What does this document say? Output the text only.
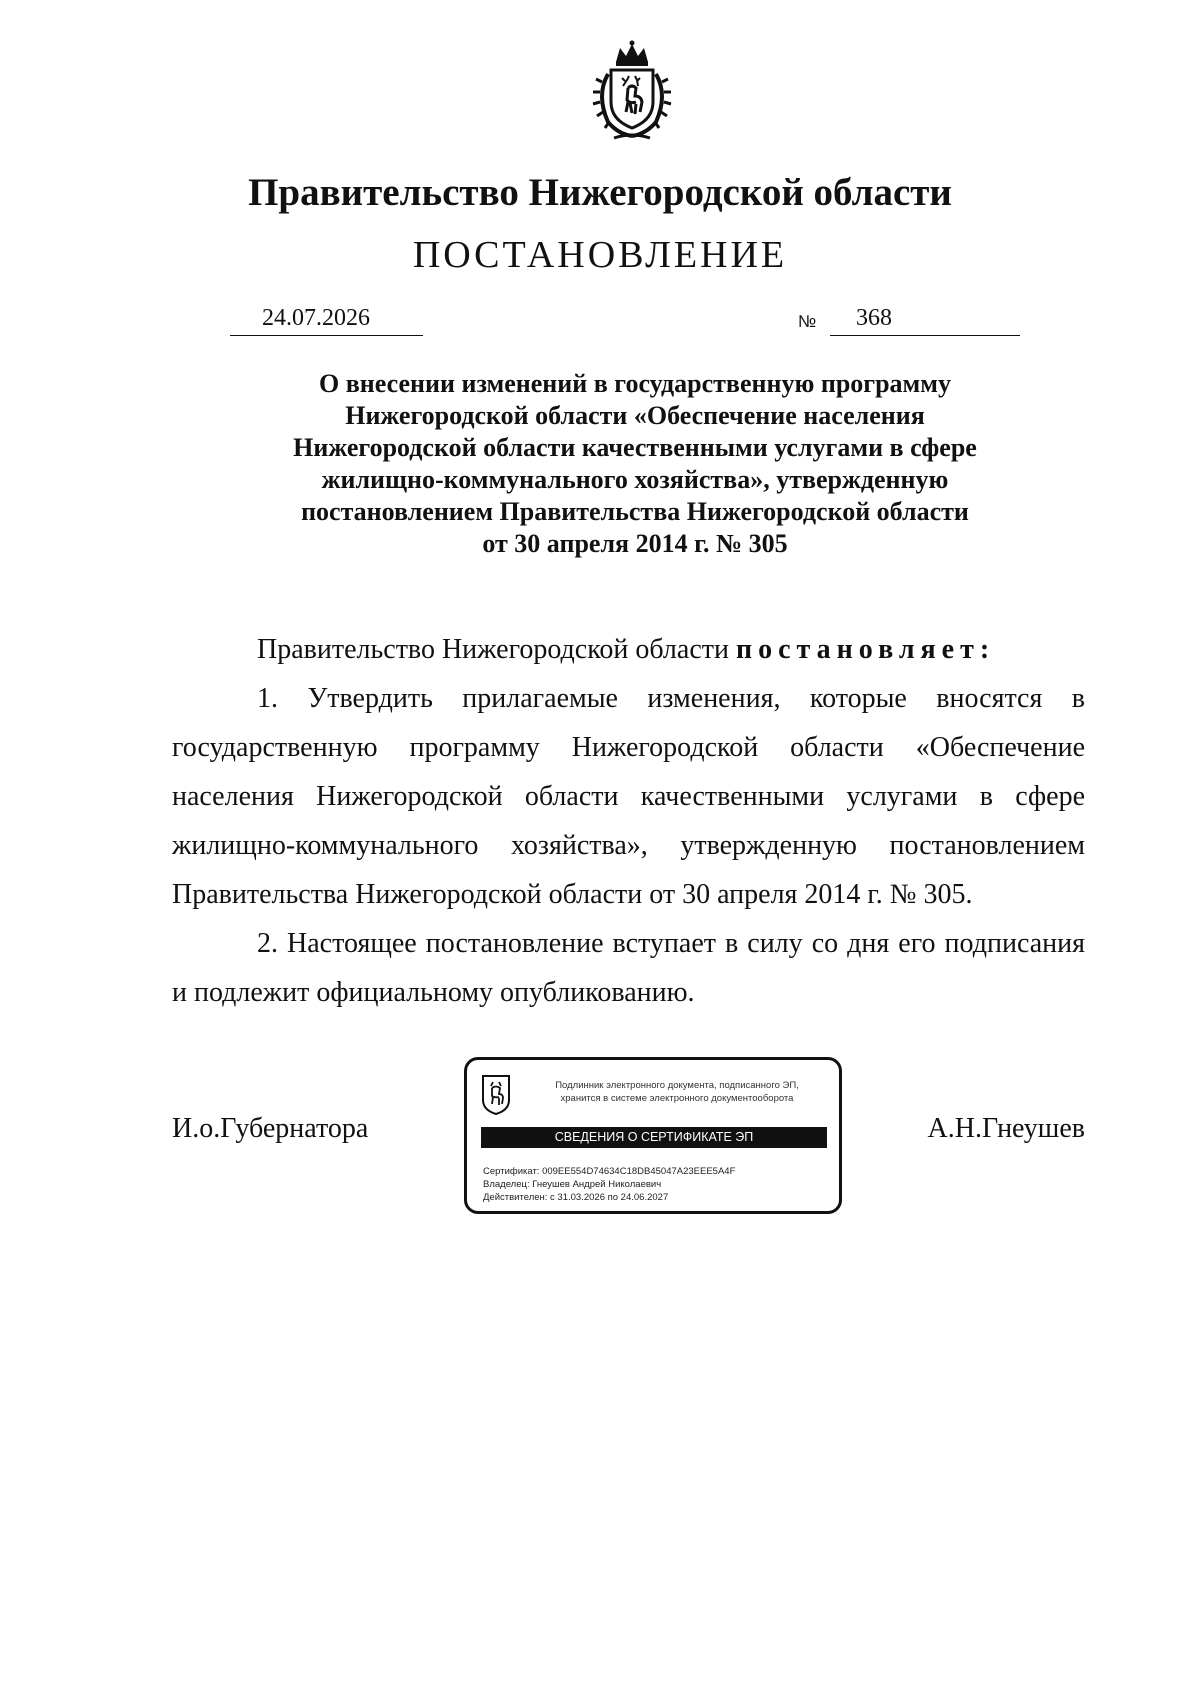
Правительство Нижегородской области
ПОСТАНОВЛЕНИЕ
24.07.2026	№	368
О внесении изменений в государственную программу
Нижегородской области «Обеспечение населения
Нижегородской области качественными услугами в сфере
жилищно-коммунального хозяйства», утвержденную
постановлением Правительства Нижегородской области
от 30 апреля 2014 г. № 305

Правительство Нижегородской области постановляет:

1. Утвердить прилагаемые изменения, которые вносятся в государственную программу Нижегородской области «Обеспечение населения Нижегородской области качественными услугами в сфере жилищно-коммунального хозяйства», утвержденную постановлением Правительства Нижегородской области от 30 апреля 2014 г. № 305.

2. Настоящее постановление вступает в силу со дня его подписания и подлежит официальному опубликованию.

И.о.Губернатора	А.Н.Гнеушев
Подлинник электронного документа, подписанного ЭП,
хранится в системе электронного документооборота
СВЕДЕНИЯ О СЕРТИФИКАТЕ ЭП
Сертификат: 009EE554D74634C18DB45047A23EEE5A4F
Владелец: Гнеушев Андрей Николаевич
Действителен: с 31.03.2026 по 24.06.2027
